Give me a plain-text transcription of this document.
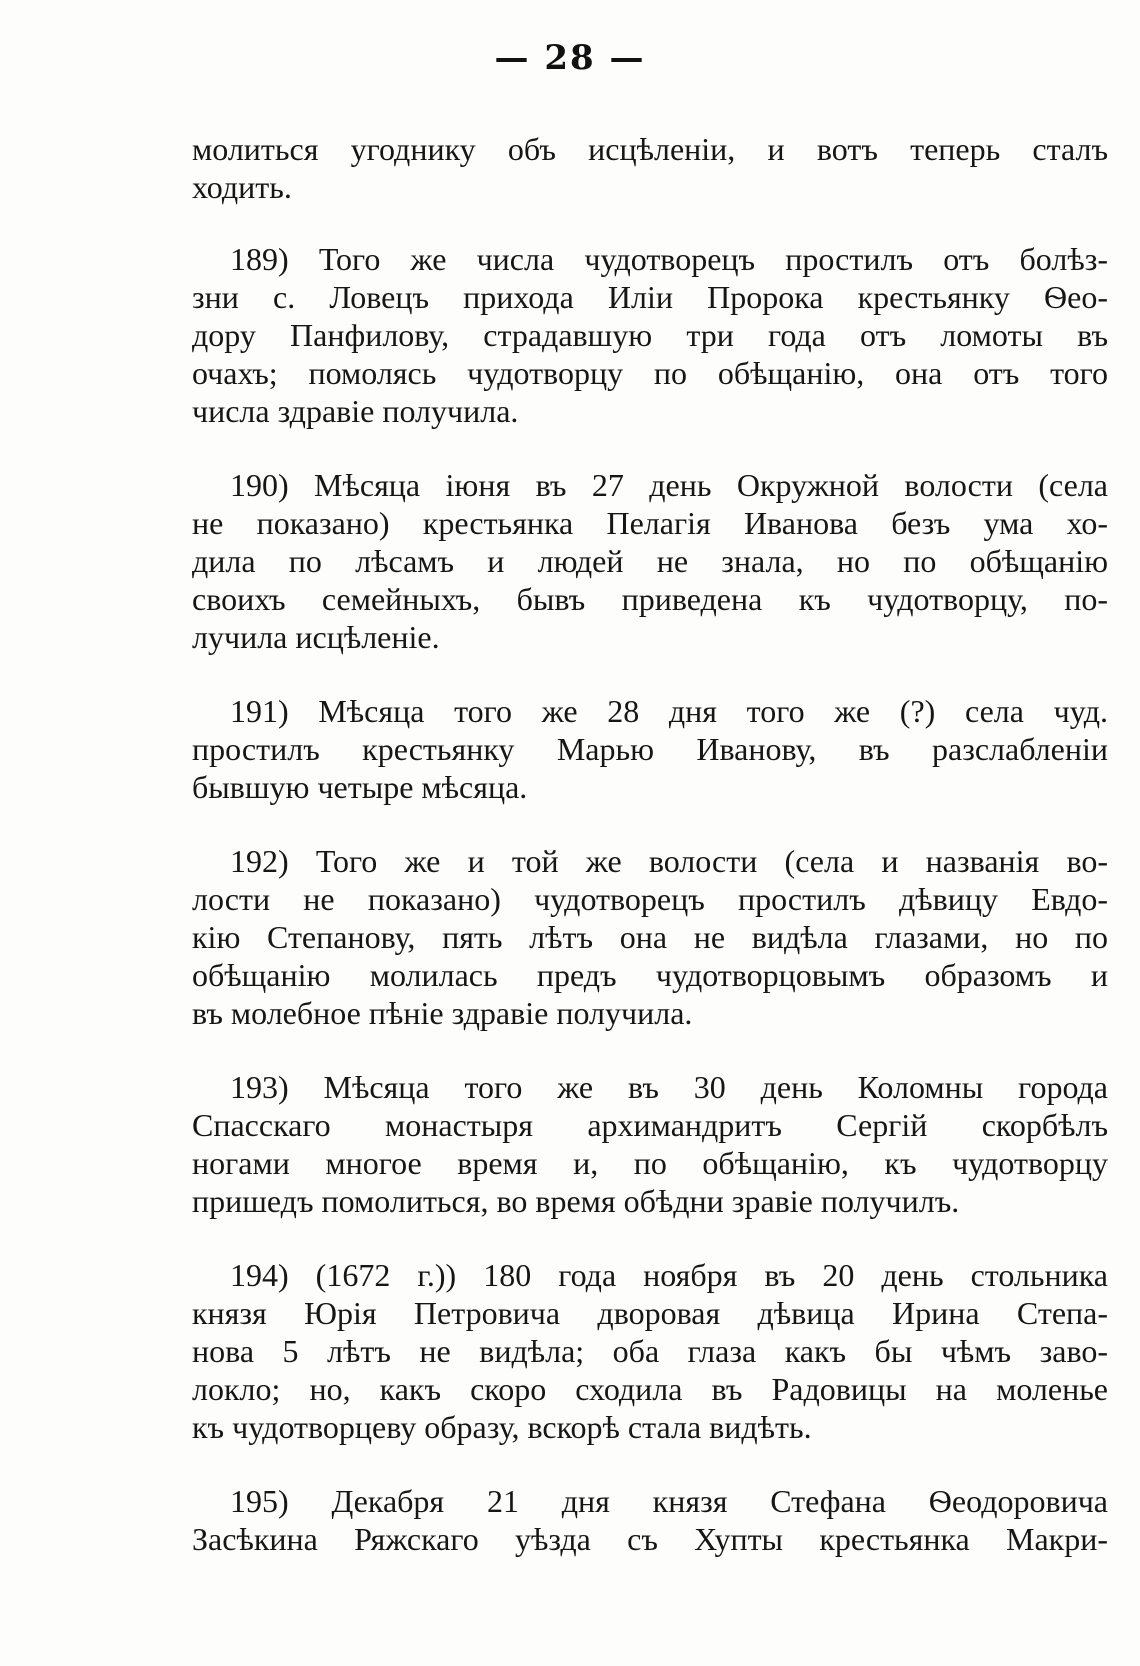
— 28 —

молиться угоднику объ исцѣленіи, и вотъ теперь сталъ
ходить.

189) Того же числа чудотворецъ простилъ отъ болѣз-
зни с. Ловецъ прихода Иліи Пророка крестьянку Ѳео-
дору Панфилову, страдавшую три года отъ ломоты въ
очахъ; помолясь чудотворцу по обѣщанію, она отъ того
числа здравіе получила.

190) Мѣсяца іюня въ 27 день Окружной волости (села
не показано) крестьянка Пелагія Иванова безъ ума хо-
дила по лѣсамъ и людей не знала, но по обѣщанію
своихъ семейныхъ, бывъ приведена къ чудотворцу, по-
лучила исцѣленіе.

191) Мѣсяца того же 28 дня того же (?) села чуд.
простилъ крестьянку Марью Иванову, въ разслабленіи
бывшую четыре мѣсяца.

192) Того же и той же волости (села и названія во-
лости не показано) чудотворецъ простилъ дѣвицу Евдо-
кію Степанову, пять лѣтъ она не видѣла глазами, но по
обѣщанію молилась предъ чудотворцовымъ образомъ и
въ молебное пѣніе здравіе получила.

193) Мѣсяца того же въ 30 день Коломны города
Спасскаго монастыря архимандритъ Сергій скорбѣлъ
ногами многое время и, по обѣщанію, къ чудотворцу
пришедъ помолиться, во время обѣдни зравіе получилъ.

194) (1672 г.)) 180 года ноября въ 20 день стольника
князя Юрія Петровича дворовая дѣвица Ирина Степа-
нова 5 лѣтъ не видѣла; оба глаза какъ бы чѣмъ заво-
локло; но, какъ скоро сходила въ Радовицы на моленье
къ чудотворцеву образу, вскорѣ стала видѣть.

195) Декабря 21 дня князя Стефана Ѳеодоровича
Засѣкина Ряжскаго уѣзда съ Хупты крестьянка Макри-
